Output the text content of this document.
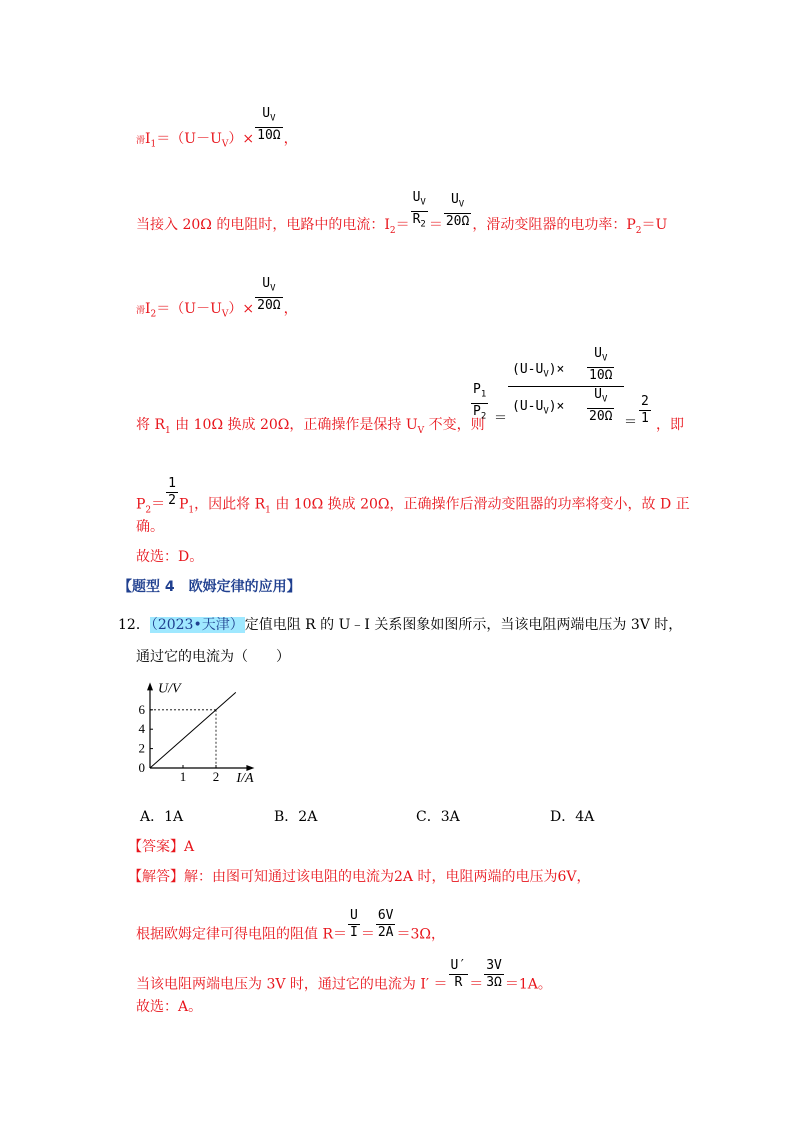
滑$I_1=(U-U_V)\times \frac{U_V}{10\Omega}$ ，
当接入 20Ω 的电阻时，电路中的电流：$I_2= \frac{U_V}{R_2} = \frac{U_V}{20\Omega}$ ，滑动变阻器的电功率：$P_2=U$
滑$I_2=(U-U_V)\times \frac{U_V}{20\Omega}$ ，
将 $R_1$ 由 10Ω 换成 20Ω，正确操作是保持 $U_V$ 不变，则
$\frac{P_1}{P_2} = \frac{(U-U_V)\times \frac{U_V}{10\Omega}}{(U-U_V)\times \frac{U_V}{20\Omega}} = \frac{2}{1}$ ，即
$P_2= \frac{1}{2} P_1$，因此将 $R_1$ 由 10Ω 换成 20Ω，正确操作后滑动变阻器的功率将变小，故 D 正
确。
故选：D。
【题型 4　欧姆定律的应用】
12．（2023•天津）定值电阻 R 的 U﹣I 关系图象如图所示，当该电阻两端电压为 3V 时，
通过它的电流为（　　）
1 2
2
4
6
0
I/A
U/V
A．1A	B．2A	C．3A	D．4A
【答案】A
【解答】解：由图可知通过该电阻的电流为2A 时，电阻两端的电压为6V，
根据欧姆定律可得电阻的阻值 $R= \frac{U}{I} = \frac{6V}{2A} =3\Omega$，
当该电阻两端电压为 3V 时，通过它的电流为 $I' = \frac{U'}{R} = \frac{3V}{3\Omega} =1A$。
故选：A。
